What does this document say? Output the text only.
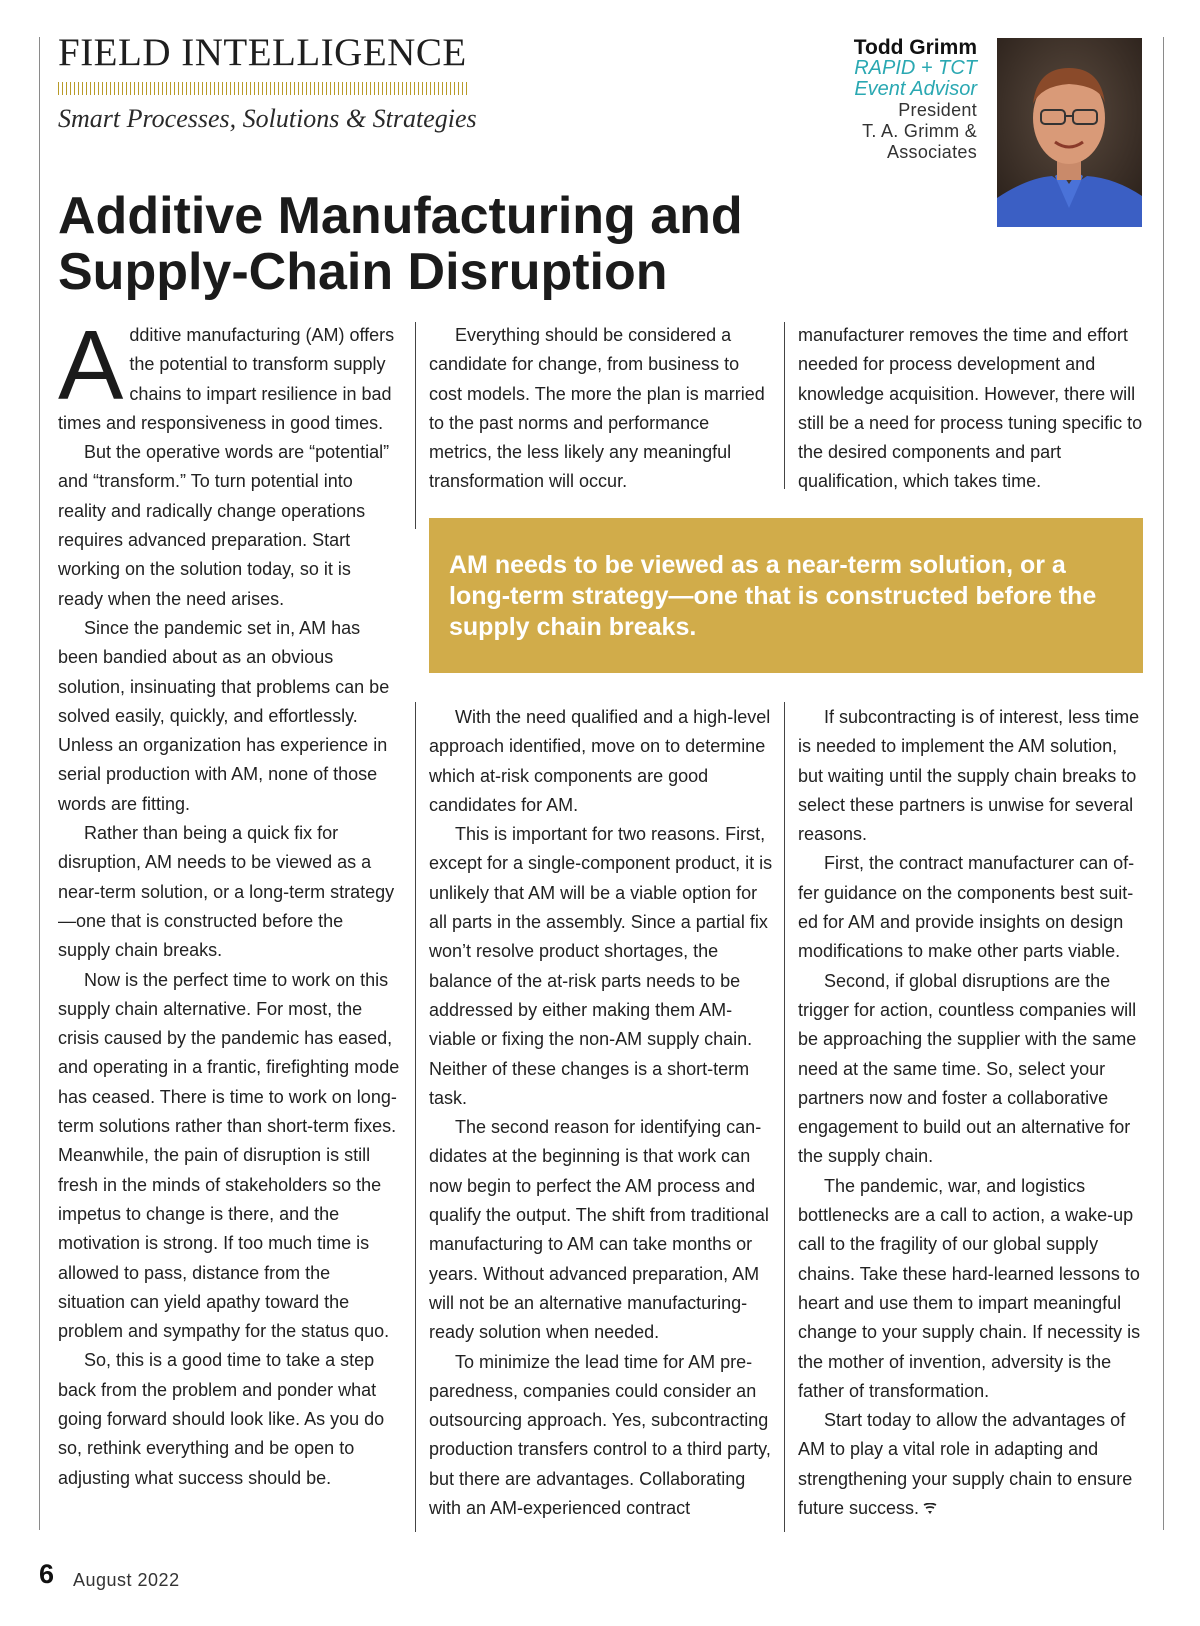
FIELD INTELLIGENCE

Smart Processes, Solutions & Strategies

Todd Grimm
RAPID + TCT
Event Advisor
President
T. A. Grimm &
Associates
Additive Manufacturing and
Supply-Chain Disruption

Additive manufacturing (AM) offers the potential to transform supply chains to impart resilience in bad times and responsiveness in good times.

But the operative words are “potential” and “transform.” To turn potential into reality and radically change operations requires advanced preparation. Start working on the solution today, so it is ready when the need arises.

Since the pandemic set in, AM has been bandied about as an obvious solution, insinuating that problems can be solved easily, quickly, and effortlessly. Unless an organization has experience in serial production with AM, none of those words are fitting.

Rather than being a quick fix for disruption, AM needs to be viewed as a near-term solution, or a long-term strategy—one that is constructed before the supply chain breaks.

Now is the perfect time to work on this supply chain alternative. For most, the crisis caused by the pandemic has eased, and operating in a frantic, firefighting mode has ceased. There is time to work on long-term solutions rather than short-term fixes. Meanwhile, the pain of disruption is still fresh in the minds of stakeholders so the impetus to change is there, and the motivation is strong. If too much time is allowed to pass, distance from the situation can yield apathy toward the problem and sympathy for the status quo.

So, this is a good time to take a step back from the problem and ponder what going forward should look like. As you do so, rethink everything and be open to adjusting what success should be.

Everything should be considered a candidate for change, from business to cost models. The more the plan is married to the past norms and performance metrics, the less likely any meaningful transformation will occur.

manufacturer removes the time and effort needed for process development and knowledge acquisition. However, there will still be a need for process tuning specific to the desired components and part qualification, which takes time.

AM needs to be viewed as a near-term solution, or a long-term strategy—one that is constructed before the supply chain breaks.

With the need qualified and a high-level approach identified, move on to determine which at-risk components are good candidates for AM.

This is important for two reasons. First, except for a single-component product, it is unlikely that AM will be a viable option for all parts in the assembly. Since a partial fix won’t resolve product shortages, the balance of the at-risk parts needs to be addressed by either making them AM-viable or fixing the non-AM supply chain. Neither of these changes is a short-term task.

The second reason for identifying candidates at the beginning is that work can now begin to perfect the AM process and qualify the output. The shift from traditional manufacturing to AM can take months or years. Without advanced preparation, AM will not be an alternative manufacturing-ready solution when needed.

To minimize the lead time for AM preparedness, companies could consider an outsourcing approach. Yes, subcontracting production transfers control to a third party, but there are advantages. Collaborating with an AM-experienced contract

If subcontracting is of interest, less time is needed to implement the AM solution, but waiting until the supply chain breaks to select these partners is unwise for several reasons.

First, the contract manufacturer can offer guidance on the components best suited for AM and provide insights on design modifications to make other parts viable.

Second, if global disruptions are the trigger for action, countless companies will be approaching the supplier with the same need at the same time. So, select your partners now and foster a collaborative engagement to build out an alternative for the supply chain.

The pandemic, war, and logistics bottlenecks are a call to action, a wake-up call to the fragility of our global supply chains. Take these hard-learned lessons to heart and use them to impart meaningful change to your supply chain. If necessity is the mother of invention, adversity is the father of transformation.

Start today to allow the advantages of AM to play a vital role in adapting and strengthening your supply chain to ensure future success.

6 August 2022
